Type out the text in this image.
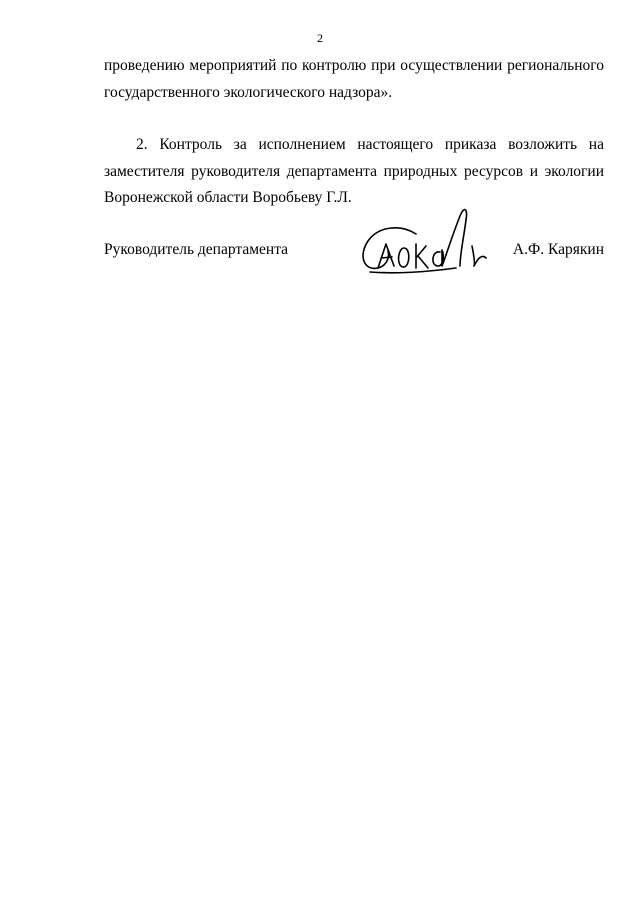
2
проведению мероприятий по контролю при осуществлении регионального
государственного экологического надзора».
2. Контроль за исполнением настоящего приказа возложить на
заместителя руководителя департамента природных ресурсов и экологии
Воронежской области Воробьеву Г.Л.
Руководитель департамента	А.Ф. Карякин
